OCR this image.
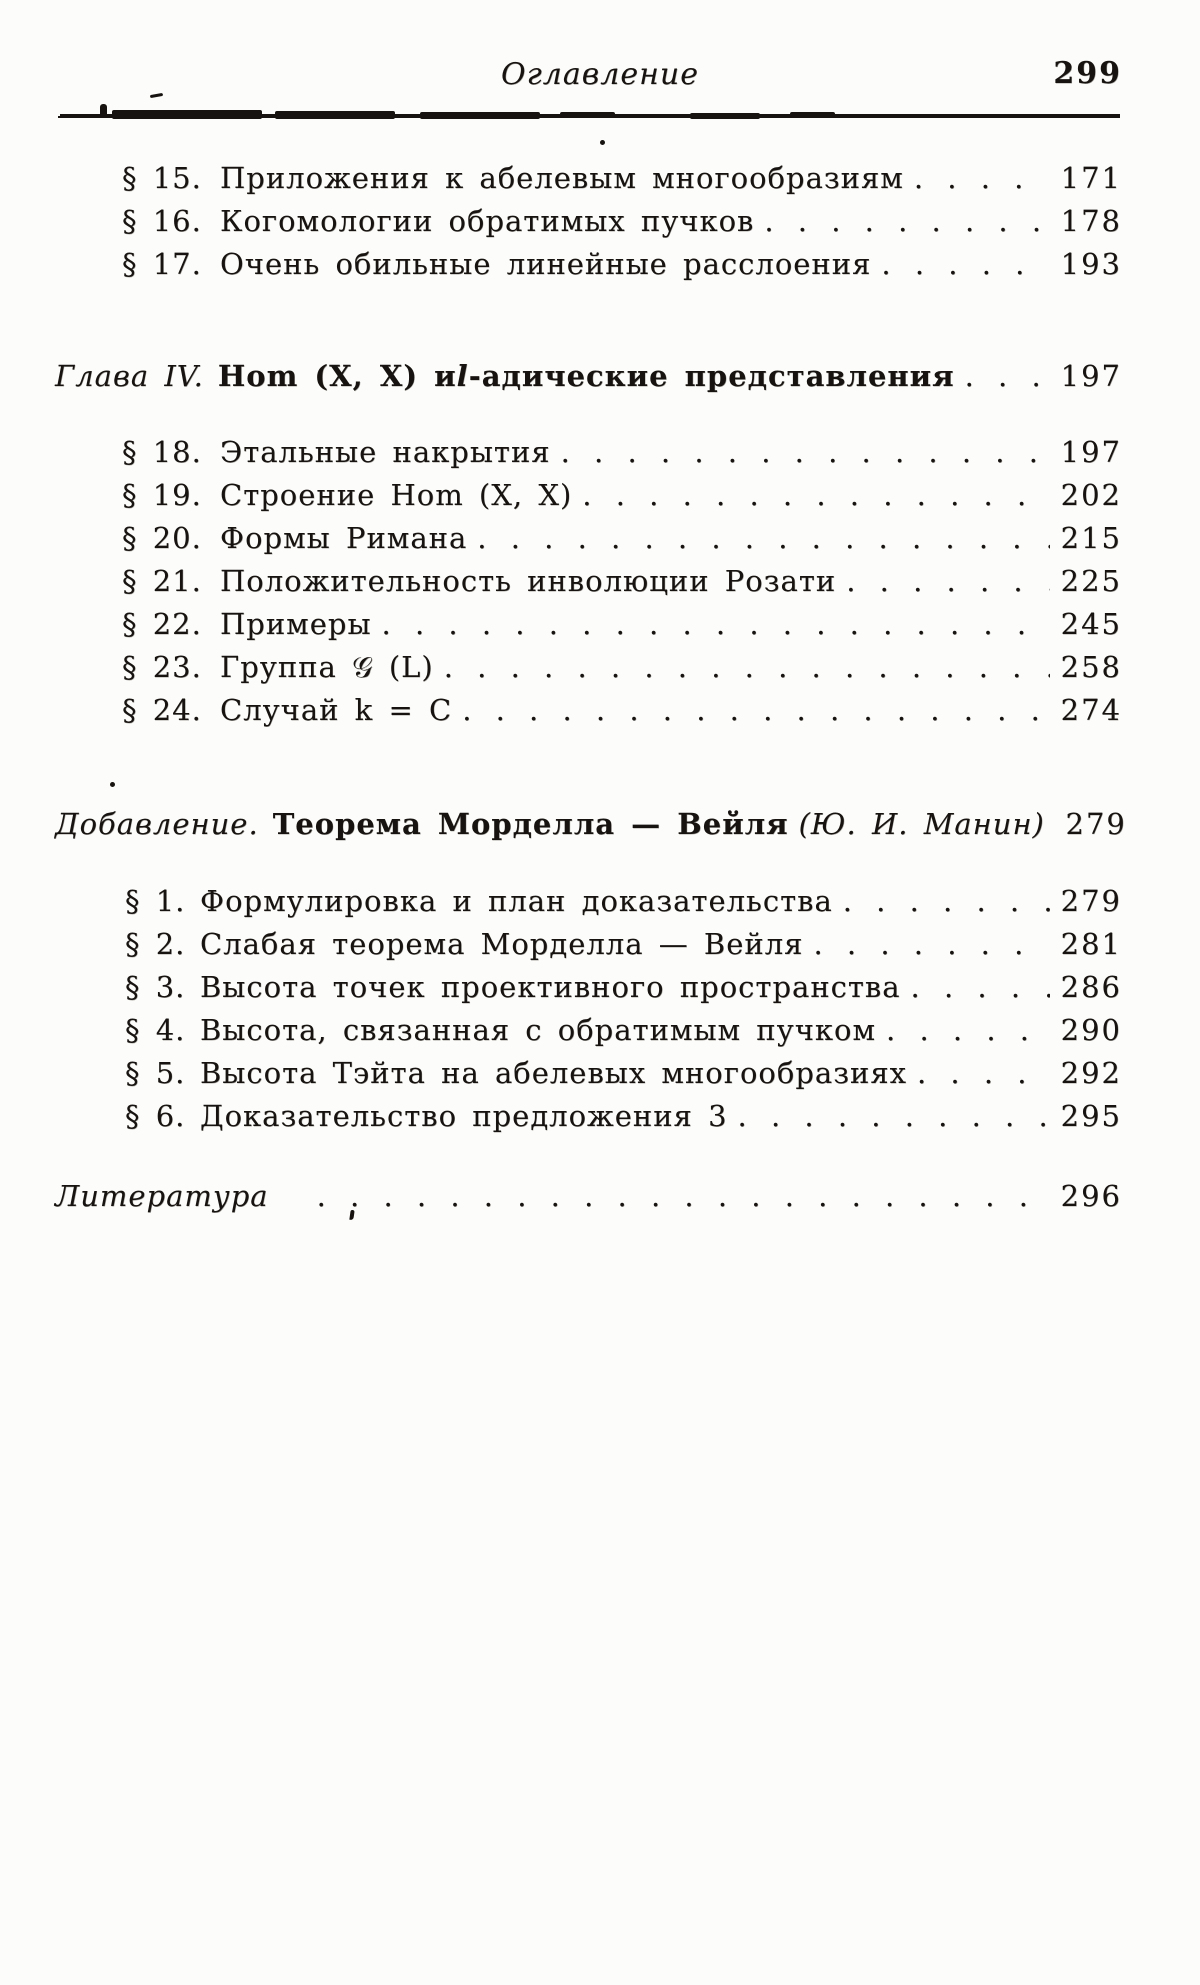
Оглавление	299
§ 15. Приложения к абелевым многообразиям . . .	171
§ 16. Когомологии обратимых пучков . . .	178
§ 17. Очень обильные линейные расслоения . . .	193
Глава IV. Hom (X, X) и l -адические представления . . .	197
§ 18. Этальные накрытия . . .	197
§ 19. Строение Hom (X, X) . . .	202
§ 20. Формы Римана . . .	215
§ 21. Положительность инволюции Розати . . .	225
§ 22. Примеры . . .	245
§ 23. Группа 𝒢 (L) . . .	258
§ 24. Случай k = C . . .	274
Добавление. Теорема Морделла — Вейля (Ю. И. Манин) 279
§ 1. Формулировка и план доказательства . . .	279
§ 2. Слабая теорема Морделла — Вейля . . .	281
§ 3. Высота точек проективного пространства . . .	286
§ 4. Высота, связанная с обратимым пучком . . .	290
§ 5. Высота Тэйта на абелевых многообразиях . . .	292
§ 6. Доказательство предложения 3 . . .	295
Литература . . .	296
